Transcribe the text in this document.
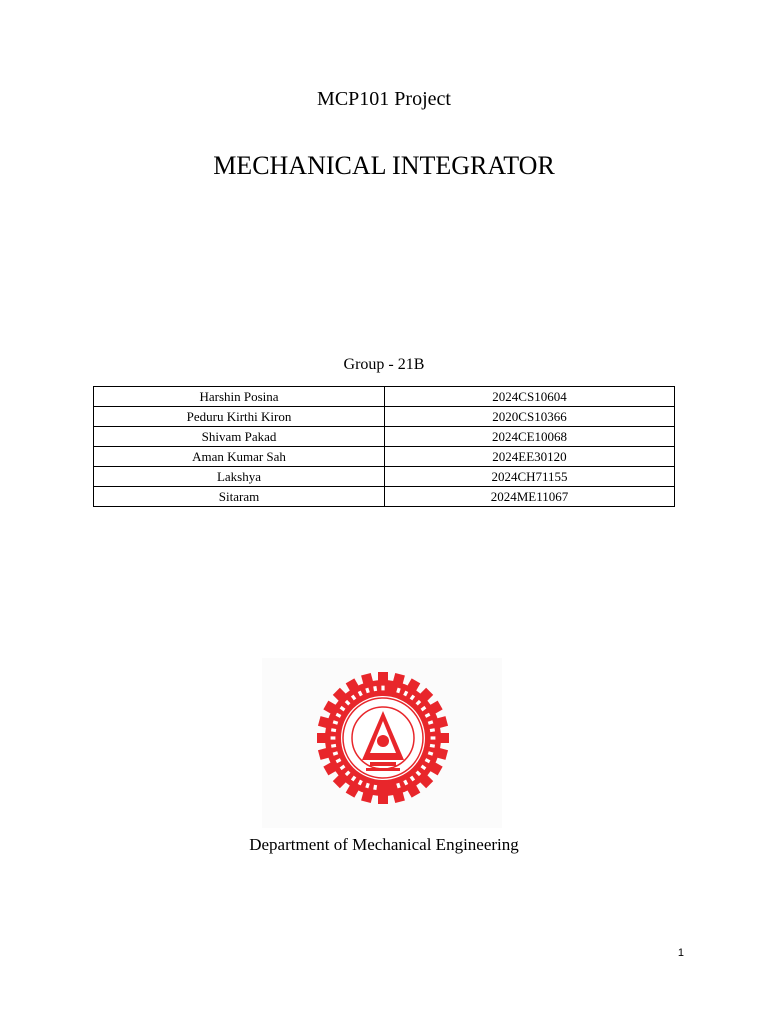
MCP101 Project
MECHANICAL INTEGRATOR
Group - 21B
Harshin Posina	2024CS10604
Peduru Kirthi Kiron	2020CS10366
Shivam Pakad	2024CE10068
Aman Kumar Sah	2024EE30120
Lakshya	2024CH71155
Sitaram	2024ME11067
Department of Mechanical Engineering
1
